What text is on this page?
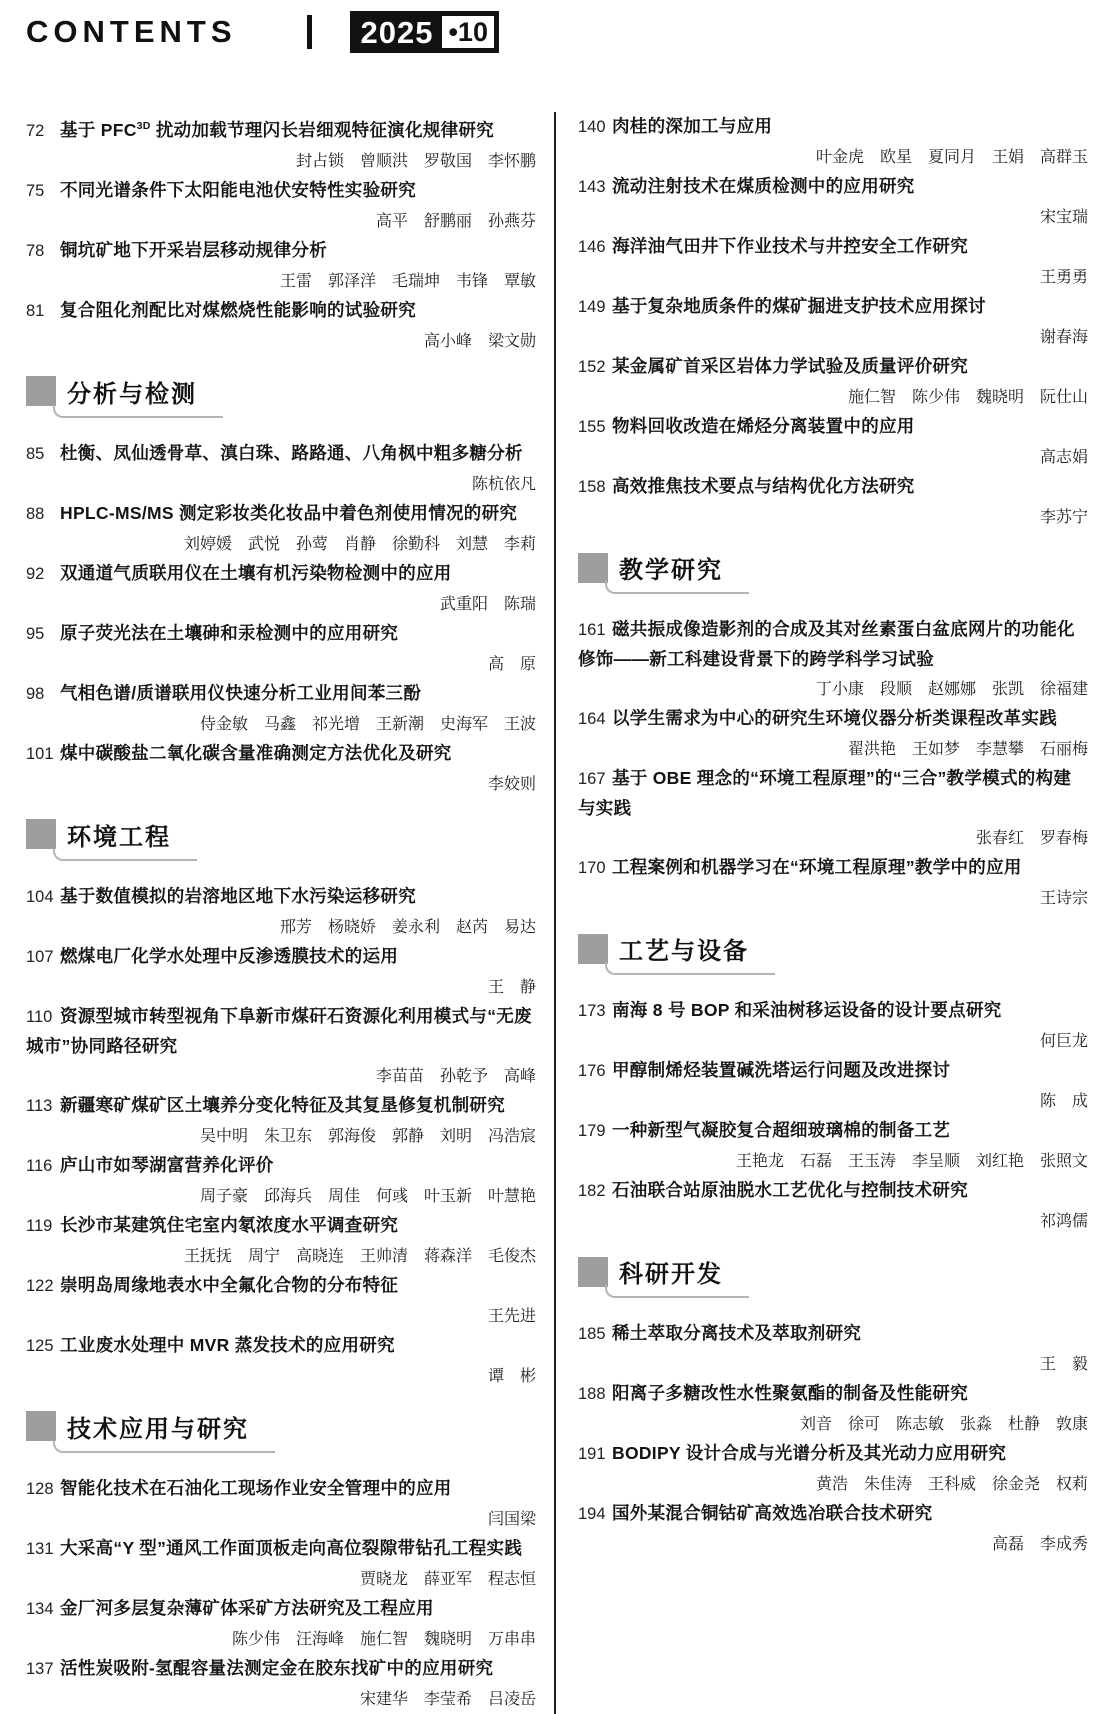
CONTENTS	2025 •10

72 基于 $PFC^{3D}$ 扰动加载节理闪长岩细观特征演化规律研究

封占锁　曾顺洪　罗敬国　李怀鹏

75 不同光谱条件下太阳能电池伏安特性实验研究

高平　舒鹏丽　孙燕芬

78 铜坑矿地下开采岩层移动规律分析

王雷　郭泽洋　毛瑞坤　韦锋　覃敏

81 复合阻化剂配比对煤燃烧性能影响的试验研究

高小峰　梁文勋

分析与检测

85 杜衡、凤仙透骨草、滇白珠、路路通、八角枫中粗多糖分析

陈杭依凡

88 HPLC-MS/MS 测定彩妆类化妆品中着色剂使用情况的研究

刘婷媛　武悦　孙莺　肖静　徐勤科　刘慧　李莉

92 双通道气质联用仪在土壤有机污染物检测中的应用

武重阳　陈瑞

95 原子荧光法在土壤砷和汞检测中的应用研究

高　原

98 气相色谱/质谱联用仪快速分析工业用间苯三酚

侍金敏　马鑫　祁光增　王新潮　史海军　王波

101 煤中碳酸盐二氧化碳含量准确测定方法优化及研究

李姣则

环境工程

104 基于数值模拟的岩溶地区地下水污染运移研究

邢芳　杨晓娇　姜永利　赵芮　易达

107 燃煤电厂化学水处理中反渗透膜技术的运用

王　静

110 资源型城市转型视角下阜新市煤矸石资源化利用模式与“无废城市”协同路径研究

李苗苗　孙乾予　高峰

113 新疆寒矿煤矿区土壤养分变化特征及其复垦修复机制研究

吴中明　朱卫东　郭海俊　郭静　刘明　冯浩宸

116 庐山市如琴湖富营养化评价

周子豪　邱海兵　周佳　何彧　叶玉新　叶慧艳

119 长沙市某建筑住宅室内氡浓度水平调查研究

王抚抚　周宁　高晓连　王帅清　蒋森洋　毛俊杰

122 崇明岛周缘地表水中全氟化合物的分布特征

王先进

125 工业废水处理中 MVR 蒸发技术的应用研究

谭　彬

技术应用与研究

128 智能化技术在石油化工现场作业安全管理中的应用

闫国梁

131 大采高“Y 型”通风工作面顶板走向高位裂隙带钻孔工程实践

贾晓龙　薛亚军　程志恒

134 金厂河多层复杂薄矿体采矿方法研究及工程应用

陈少伟　汪海峰　施仁智　魏晓明　万串串

137 活性炭吸附-氢醌容量法测定金在胶东找矿中的应用研究

宋建华　李莹希　吕凌岳

140 肉桂的深加工与应用

叶金虎　欧星　夏同月　王娟　高群玉

143 流动注射技术在煤质检测中的应用研究

宋宝瑞

146 海洋油气田井下作业技术与井控安全工作研究

王勇勇

149 基于复杂地质条件的煤矿掘进支护技术应用探讨

谢春海

152 某金属矿首采区岩体力学试验及质量评价研究

施仁智　陈少伟　魏晓明　阮仕山

155 物料回收改造在烯烃分离装置中的应用

高志娟

158 高效推焦技术要点与结构优化方法研究

李苏宁

教学研究

161 磁共振成像造影剂的合成及其对丝素蛋白盆底网片的功能化修饰——新工科建设背景下的跨学科学习试验

丁小康　段顺　赵娜娜　张凯　徐福建

164 以学生需求为中心的研究生环境仪器分析类课程改革实践

翟洪艳　王如梦　李慧攀　石丽梅

167 基于 OBE 理念的“环境工程原理”的“三合”教学模式的构建与实践

张春红　罗春梅

170 工程案例和机器学习在“环境工程原理”教学中的应用

王诗宗

工艺与设备

173 南海 8 号 BOP 和采油树移运设备的设计要点研究

何巨龙

176 甲醇制烯烃装置碱洗塔运行问题及改进探讨

陈　成

179 一种新型气凝胶复合超细玻璃棉的制备工艺

王艳龙　石磊　王玉涛　李呈顺　刘红艳　张照文

182 石油联合站原油脱水工艺优化与控制技术研究

祁鸿儒

科研开发

185 稀土萃取分离技术及萃取剂研究

王　毅

188 阳离子多糖改性水性聚氨酯的制备及性能研究

刘音　徐可　陈志敏　张淼　杜静　敦康

191 BODIPY 设计合成与光谱分析及其光动力应用研究

黄浩　朱佳涛　王科威　徐金尧　权莉

194 国外某混合铜钴矿高效选冶联合技术研究

高磊　李成秀
